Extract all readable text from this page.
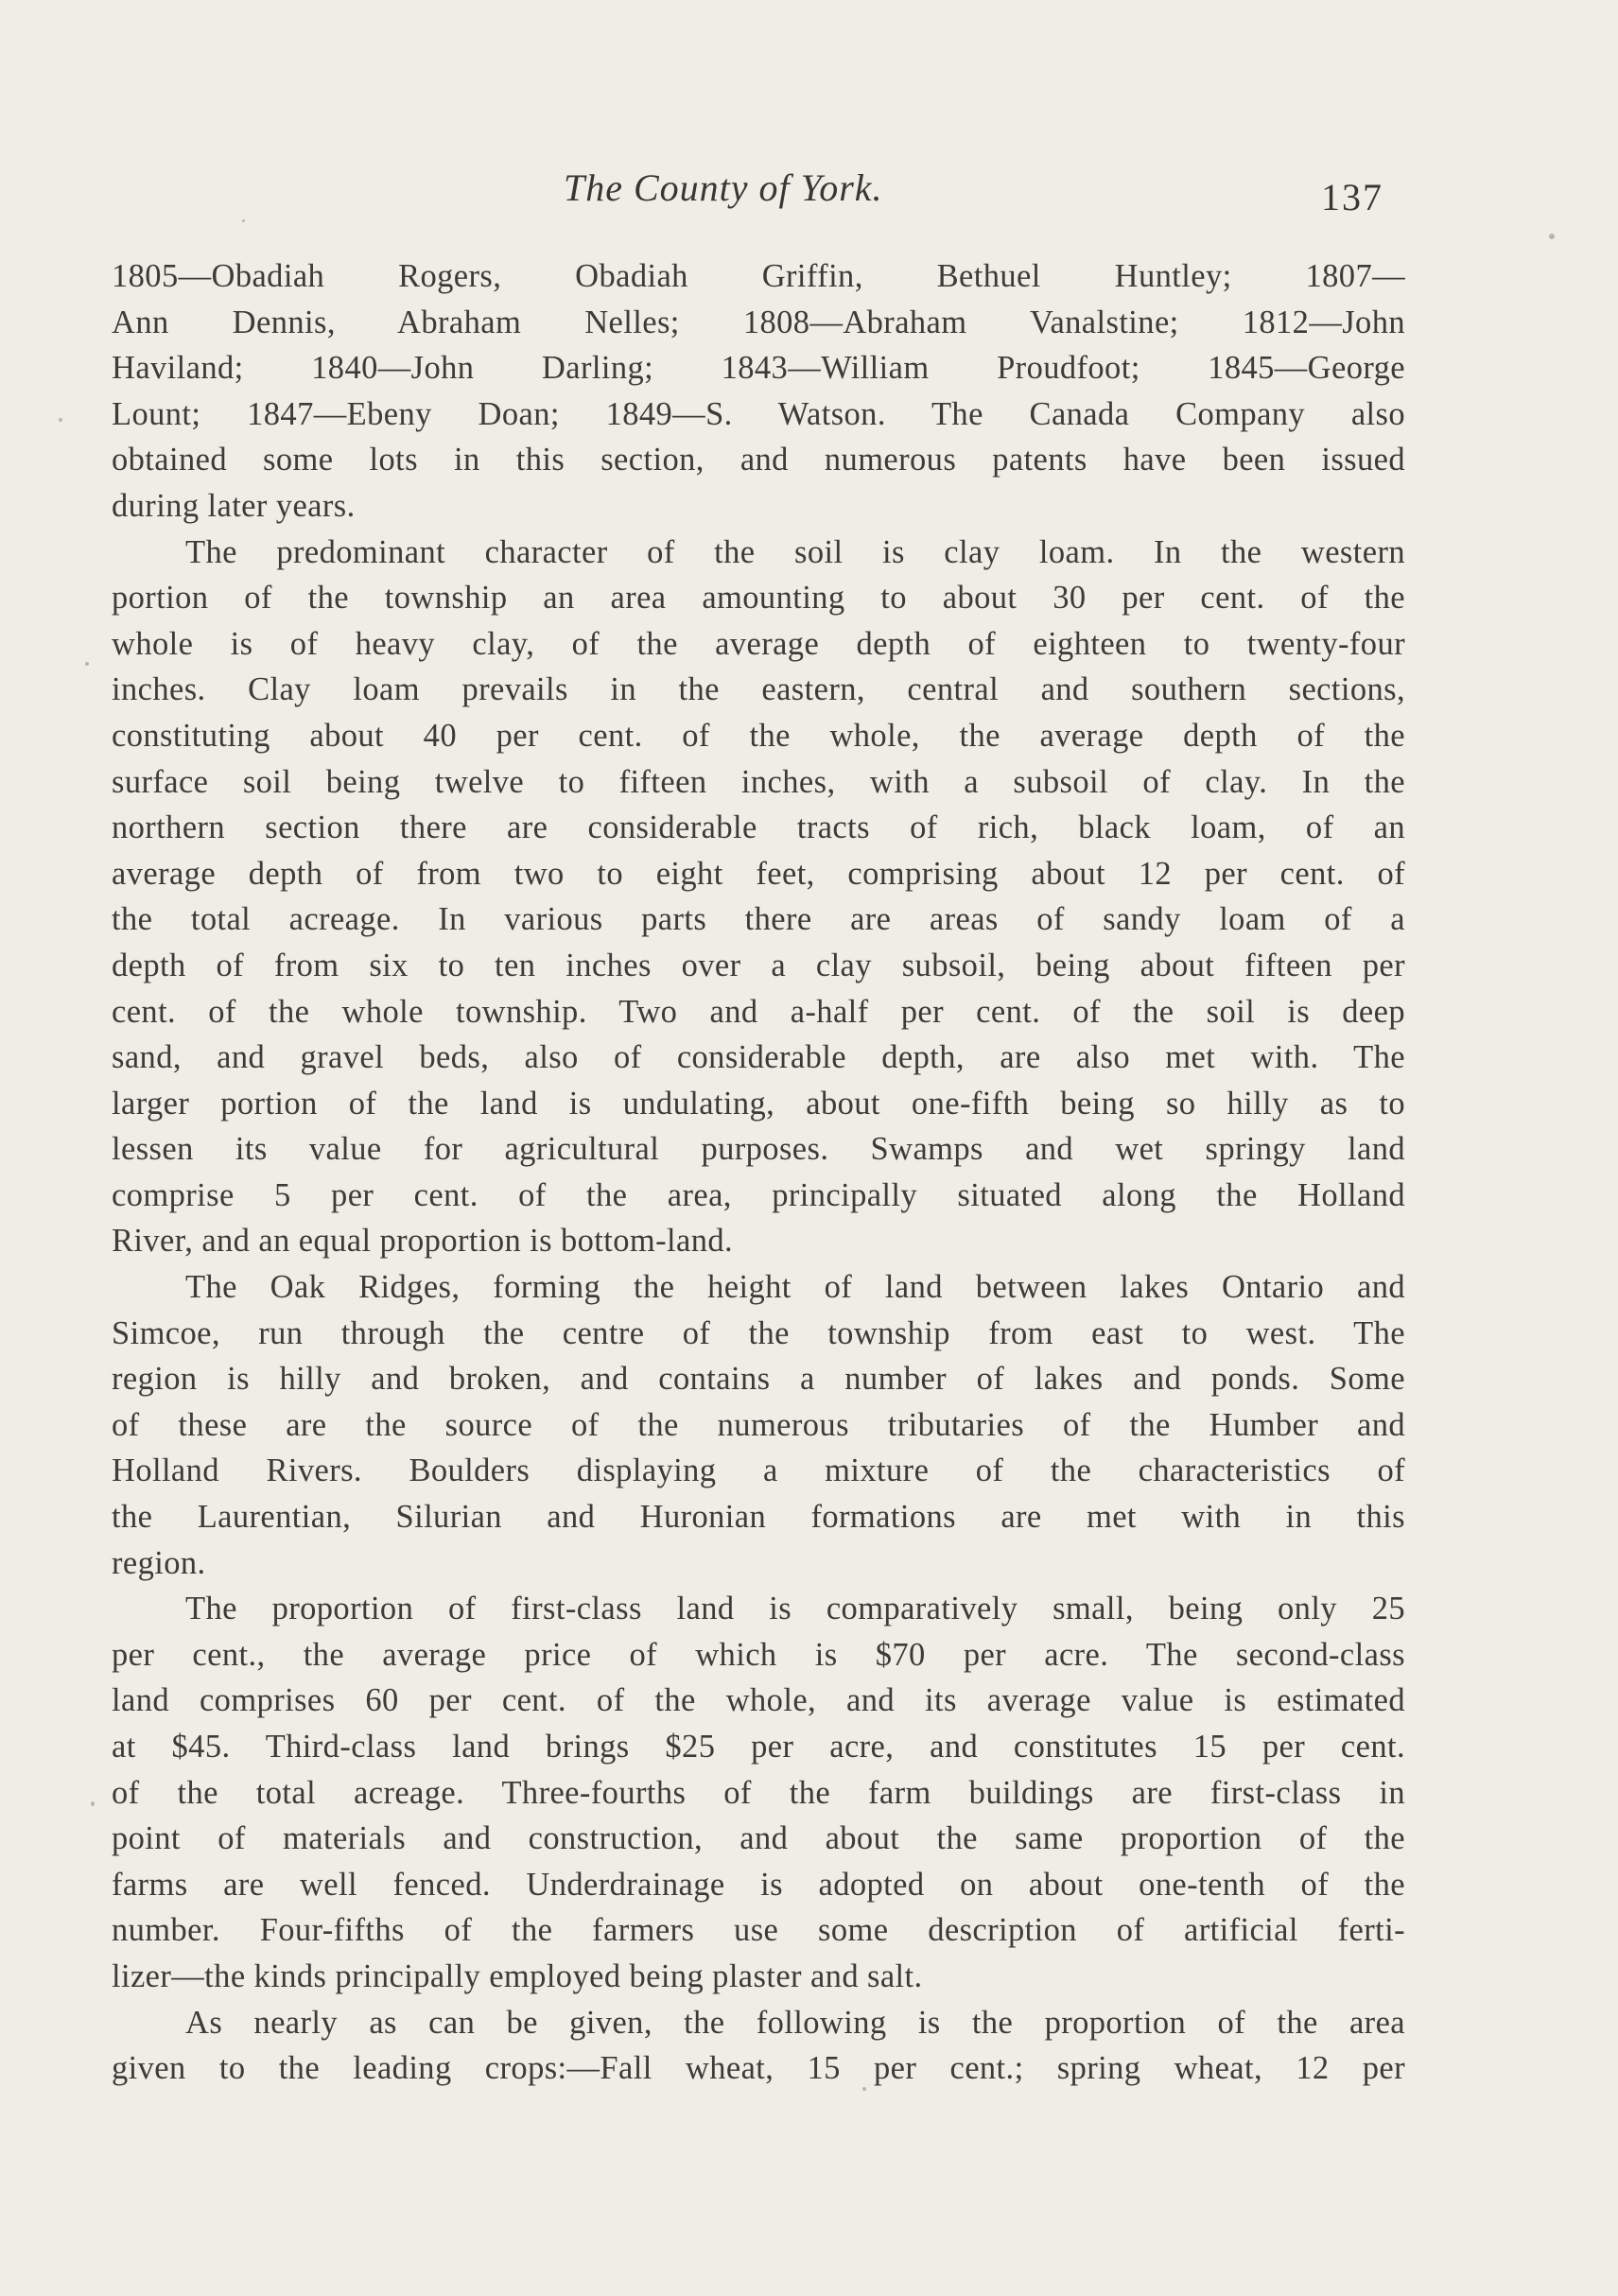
The County of York.	137
1805—Obadiah Rogers, Obadiah Griffin, Bethuel Huntley; 1807—
Ann Dennis, Abraham Nelles; 1808—Abraham Vanalstine; 1812—John
Haviland; 1840—John Darling; 1843—William Proudfoot; 1845—George
Lount; 1847—Ebeny Doan; 1849—S. Watson. The Canada Company also
obtained some lots in this section, and numerous patents have been issued
during later years.
The predominant character of the soil is clay loam. In the western
portion of the township an area amounting to about 30 per cent. of the
whole is of heavy clay, of the average depth of eighteen to twenty-four
inches. Clay loam prevails in the eastern, central and southern sections,
constituting about 40 per cent. of the whole, the average depth of the
surface soil being twelve to fifteen inches, with a subsoil of clay. In the
northern section there are considerable tracts of rich, black loam, of an
average depth of from two to eight feet, comprising about 12 per cent. of
the total acreage. In various parts there are areas of sandy loam of a
depth of from six to ten inches over a clay subsoil, being about fifteen per
cent. of the whole township. Two and a-half per cent. of the soil is deep
sand, and gravel beds, also of considerable depth, are also met with. The
larger portion of the land is undulating, about one-fifth being so hilly as to
lessen its value for agricultural purposes. Swamps and wet springy land
comprise 5 per cent. of the area, principally situated along the Holland
River, and an equal proportion is bottom-land.
The Oak Ridges, forming the height of land between lakes Ontario and
Simcoe, run through the centre of the township from east to west. The
region is hilly and broken, and contains a number of lakes and ponds. Some
of these are the source of the numerous tributaries of the Humber and
Holland Rivers. Boulders displaying a mixture of the characteristics of
the Laurentian, Silurian and Huronian formations are met with in this
region.
The proportion of first-class land is comparatively small, being only 25
per cent., the average price of which is $70 per acre. The second-class
land comprises 60 per cent. of the whole, and its average value is estimated
at $45. Third-class land brings $25 per acre, and constitutes 15 per cent.
of the total acreage. Three-fourths of the farm buildings are first-class in
point of materials and construction, and about the same proportion of the
farms are well fenced. Underdrainage is adopted on about one-tenth of the
number. Four-fifths of the farmers use some description of artificial ferti-
lizer—the kinds principally employed being plaster and salt.
As nearly as can be given, the following is the proportion of the area
given to the leading crops:—Fall wheat, 15 per cent.; spring wheat, 12 per
